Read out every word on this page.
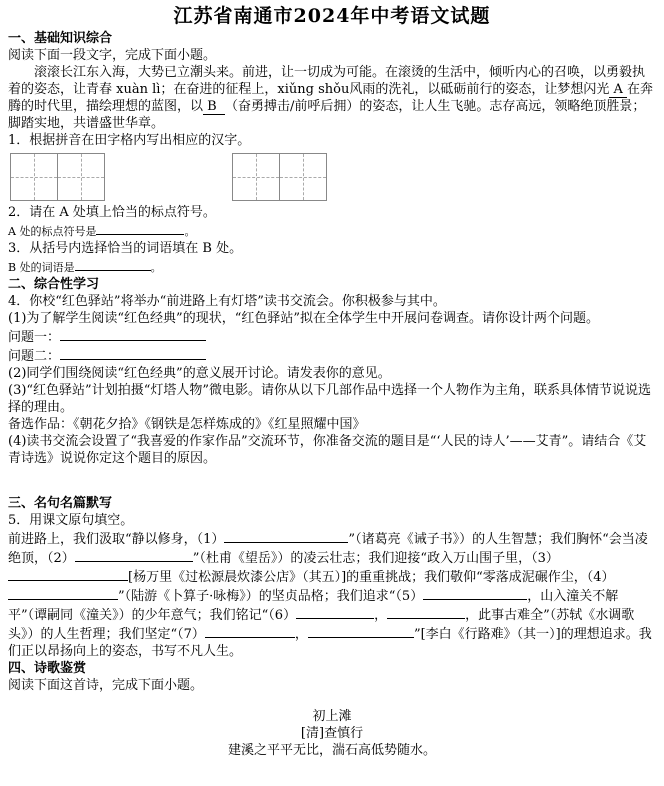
江苏省南通市2024年中考语文试题

一、基础知识综合

阅读下面一段文字，完成下面小题。

滚滚长江东入海，大势已立潮头来。前进，让一切成为可能。在滚烫的生活中，倾听内心的召唤，以勇毅执着的姿态，让青春 xuàn lì；在奋进的征程上，xiǔng shǒu风雨的洗礼，以砥砺前行的姿态，让梦想闪光 A 在奔腾的时代里，描绘理想的蓝图，以 B （奋勇搏击/前呼后拥）的姿态，让人生飞驰。志存高远，领略绝顶胜景；脚踏实地，共谱盛世华章。

1．根据拼音在田字格内写出相应的汉字。

2．请在 A 处填上恰当的标点符号。

A 处的标点符号是	。

3．从括号内选择恰当的词语填在 B 处。

B 处的词语是	。

二、综合性学习

4．你校“红色驿站”将举办“前进路上有灯塔”读书交流会。你积极参与其中。

(1)为了解学生阅读“红色经典”的现状，“红色驿站”拟在全体学生中开展问卷调查。请你设计两个问题。

问题一：

问题二：

(2)同学们围绕阅读“红色经典”的意义展开讨论。请发表你的意见。

(3)“红色驿站”计划拍摄“灯塔人物”微电影。请你从以下几部作品中选择一个人物作为主角，联系具体情节说说选择的理由。

备选作品：《朝花夕拾》《钢铁是怎样炼成的》《红星照耀中国》

(4)读书交流会设置了“我喜爱的作家作品”交流环节，你准备交流的题目是“‘人民的诗人’——艾青”。请结合《艾青诗选》说说你定这个题目的原因。

三、名句名篇默写

5．用课文原句填空。

前进路上，我们汲取“静以修身，（1）	”（诸葛亮《诫子书》）的人生智慧；我们胸怀“会当凌绝顶，（2）	”（杜甫《望岳》）的凌云壮志；我们迎接“政入万山围子里，（3）[杨万里《过松源晨炊漆公店》（其五）]的重重挑战；我们敬仰“零落成泥碾作尘，（4）”（陆游《卜算子·咏梅》）的坚贞品格；我们追求“（5）	，山入潼关不解平”（谭嗣同《潼关》）的少年意气；我们铭记“（6）	，	，此事古难全”（苏轼《水调歌头》）的人生哲理；我们坚定“（7）	，	”[李白《行路难》（其一）]的理想追求。我们正以昂扬向上的姿态，书写不凡人生。

四、诗歌鉴赏

阅读下面这首诗，完成下面小题。

初上滩

[清]查慎行

建溪之平平无比，湍石高低势随水。
